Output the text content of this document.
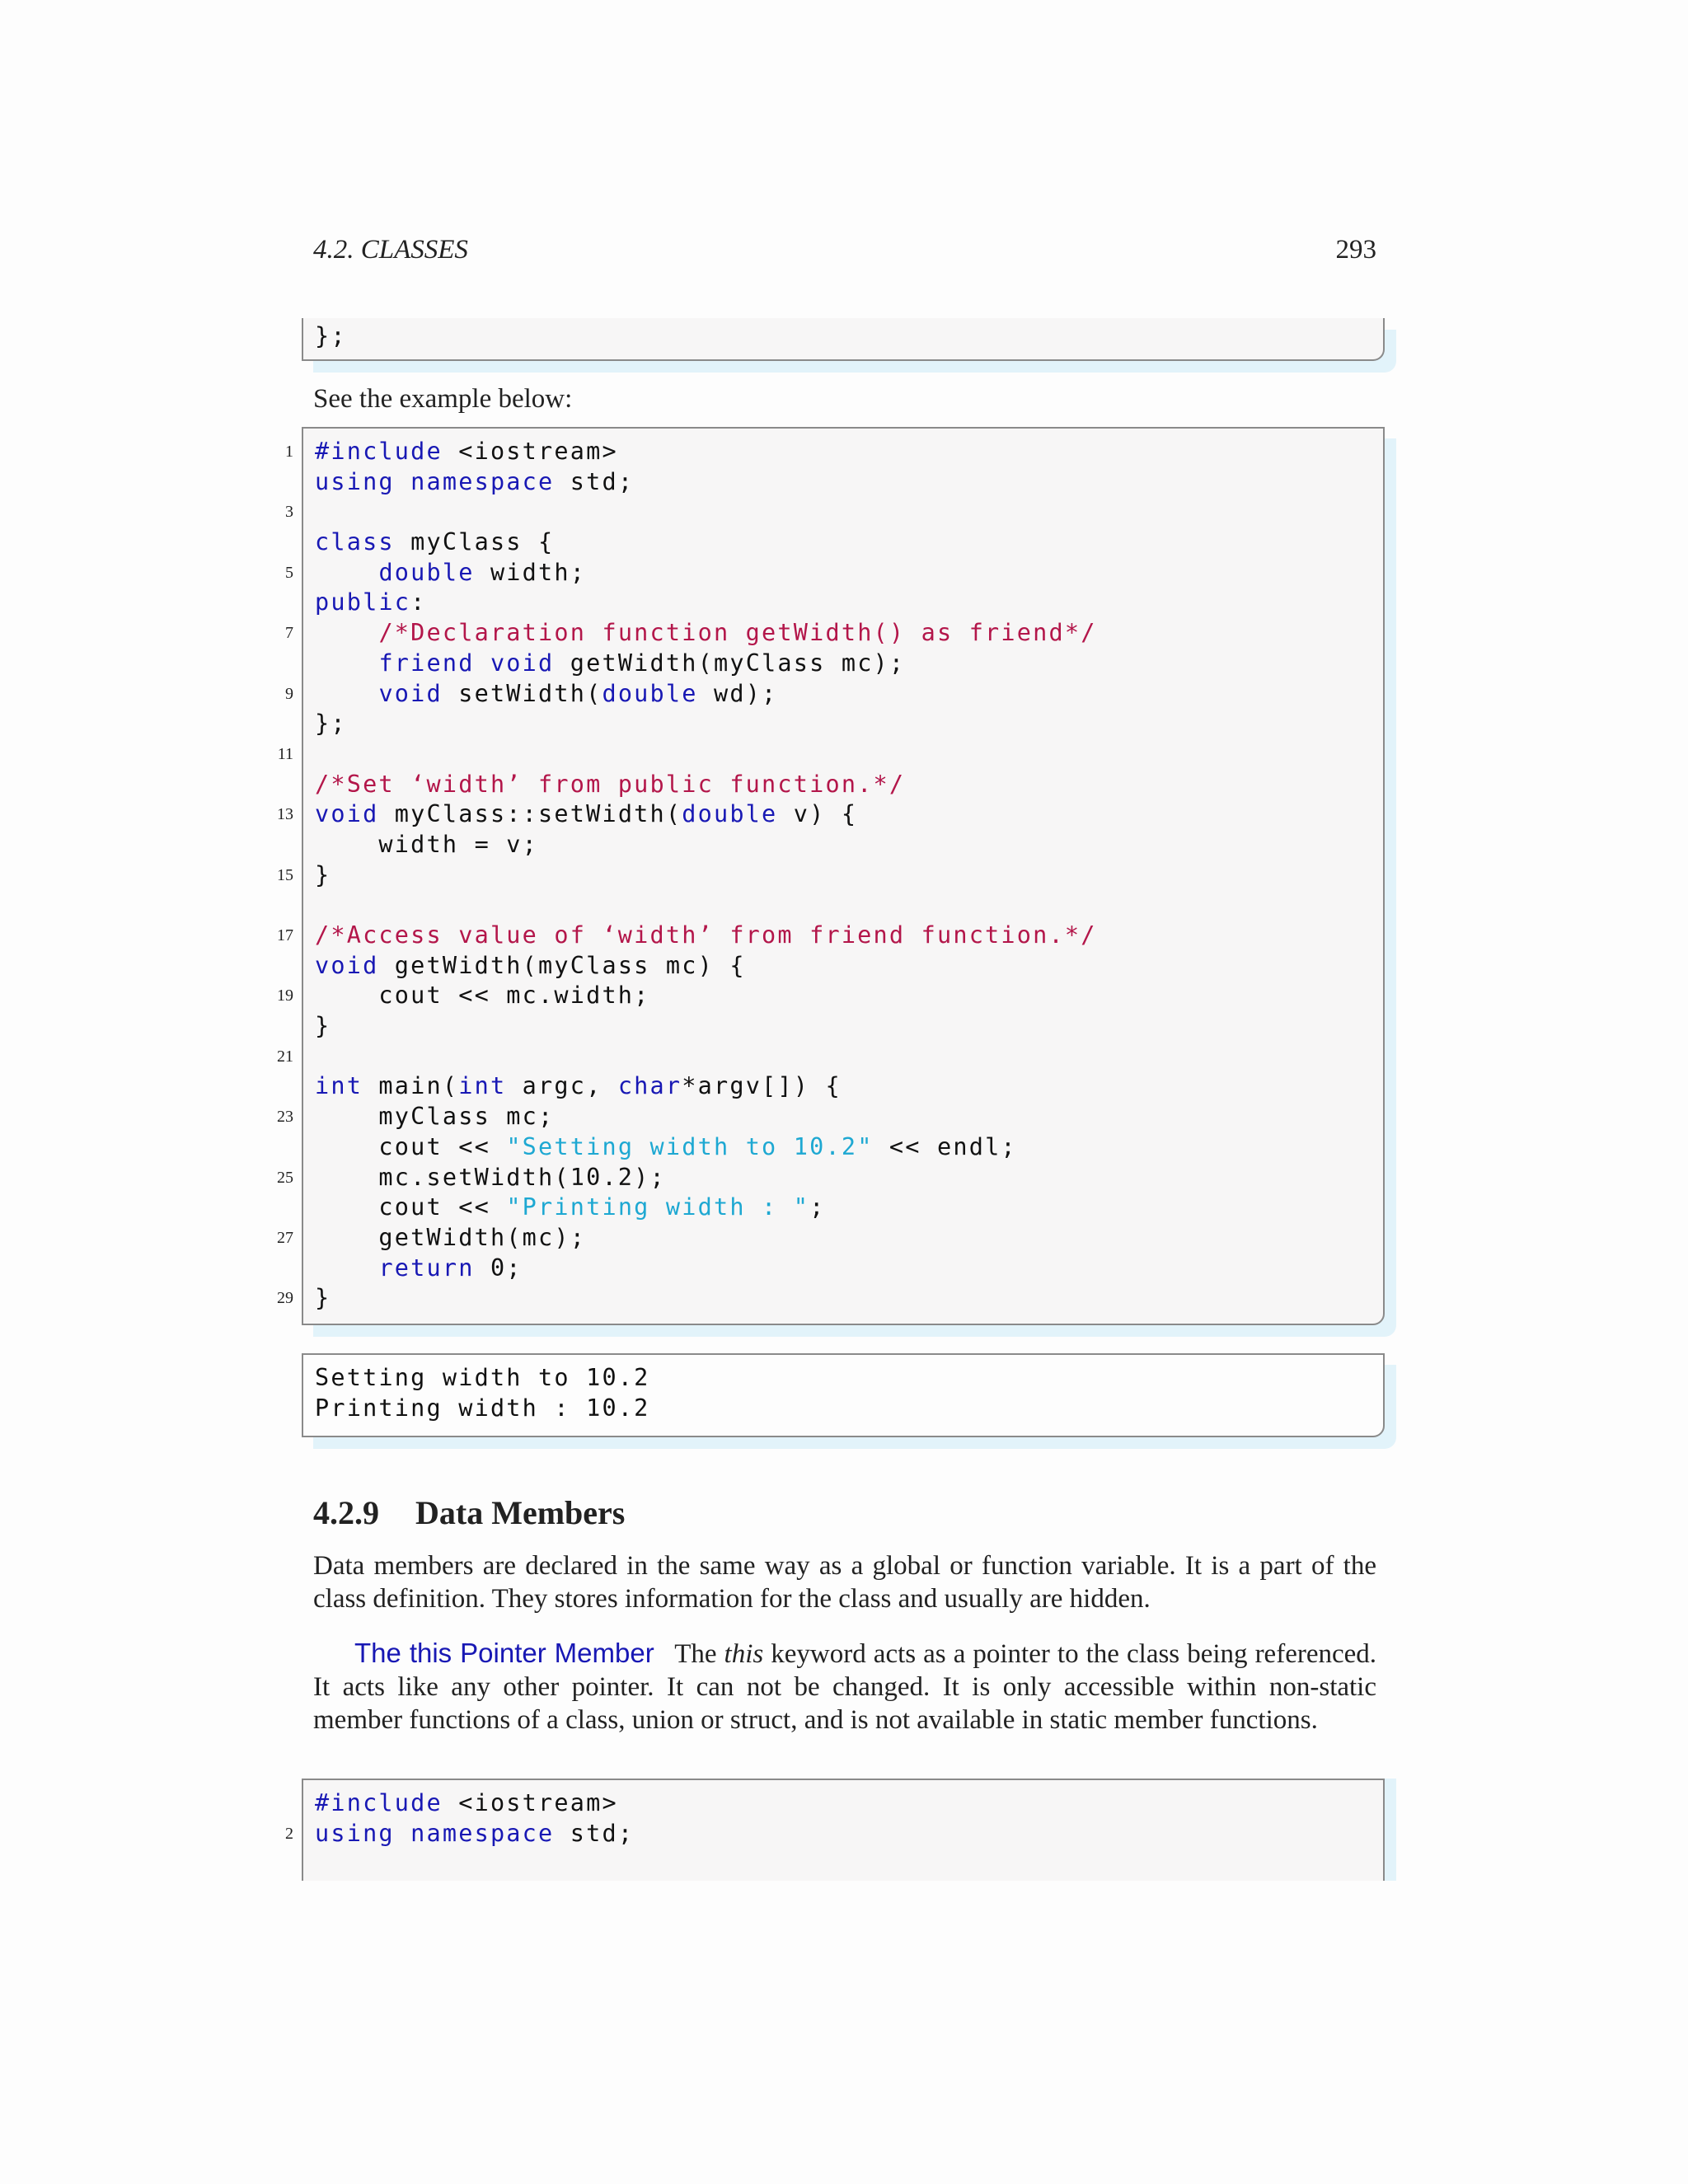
4.2. CLASSES	293
};
See the example below:
1 #include <iostream>
using namespace std;
3
class myClass {
5	double width;
public:
7	/*Declaration function getWidth() as friend*/
friend void getWidth(myClass mc);
9	void setWidth(double wd);
};
11
/*Set ‘width’ from public function.*/
13 void myClass::setWidth(double v) {
width = v;
15 }
17 /*Access value of ‘width’ from friend function.*/
void getWidth(myClass mc) {
19 cout << mc.width;
}
21
int main(int argc, char*argv[]) {
23 myClass mc;
cout << "Setting width to 10.2" << endl;
25 mc.setWidth(10.2);
cout << "Printing width : ";
27 getWidth(mc);
return 0;
29 }
Setting width to 10.2
Printing width : 10.2
4.2.9 Data Members
Data members are declared in the same way as a global or function variable. It is a part of the class definition. They stores information for the class and usually are hidden.
The this Pointer Member The this keyword acts as a pointer to the class being referenced. It acts like any other pointer. It can not be changed. It is only accessible within non-static member functions of a class, union or struct, and is not available in static member functions.
#include <iostream>
2 using namespace std;
